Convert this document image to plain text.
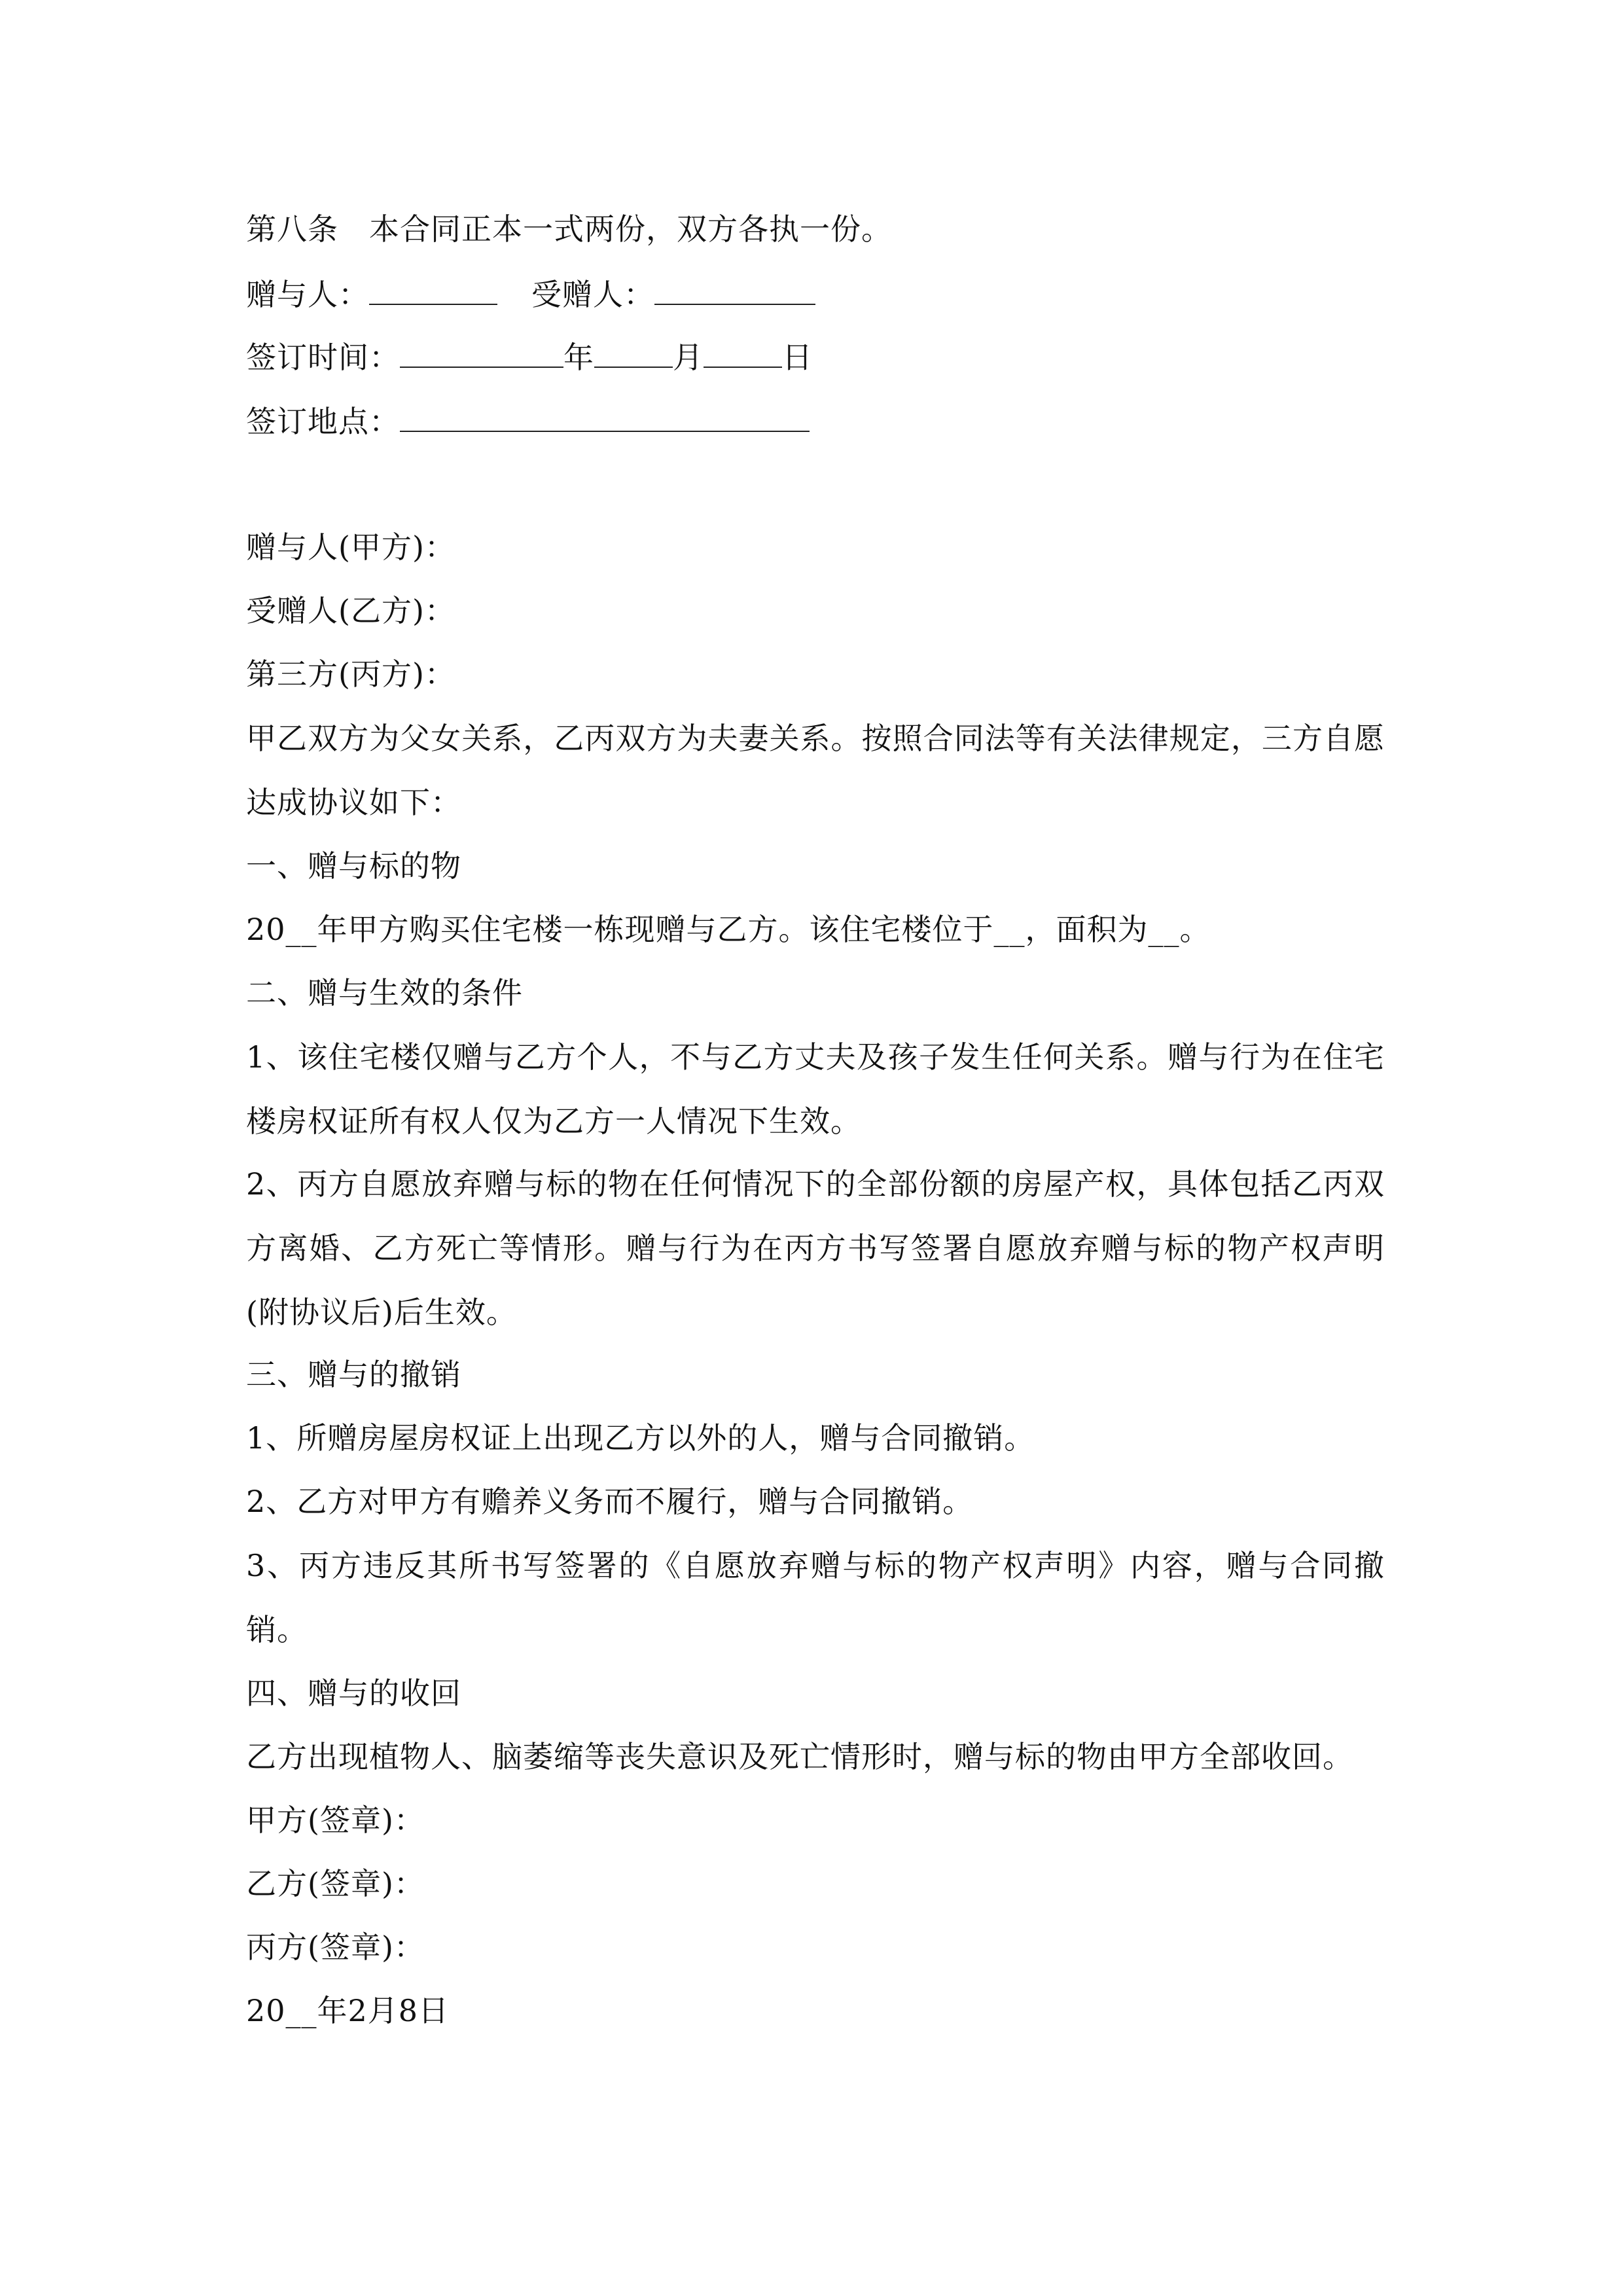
第八条　本合同正本一式两份，双方各执一份。
赠与人：	受赠人：
签订时间：	年	月	日
签订地点：
赠与人(甲方)：
受赠人(乙方)：
第三方(丙方)：
甲乙双方为父女关系，乙丙双方为夫妻关系。按照合同法等有关法律规定，三方自愿达成协议如下：
一、赠与标的物
20__年甲方购买住宅楼一栋现赠与乙方。该住宅楼位于__，面积为__。
二、赠与生效的条件
1、该住宅楼仅赠与乙方个人，不与乙方丈夫及孩子发生任何关系。赠与行为在住宅楼房权证所有权人仅为乙方一人情况下生效。
2、丙方自愿放弃赠与标的物在任何情况下的全部份额的房屋产权，具体包括乙丙双方离婚、乙方死亡等情形。赠与行为在丙方书写签署自愿放弃赠与标的物产权声明(附协议后)后生效。
三、赠与的撤销
1、所赠房屋房权证上出现乙方以外的人，赠与合同撤销。
2、乙方对甲方有赡养义务而不履行，赠与合同撤销。
3、丙方违反其所书写签署的《自愿放弃赠与标的物产权声明》内容，赠与合同撤销。
四、赠与的收回
乙方出现植物人、脑萎缩等丧失意识及死亡情形时，赠与标的物由甲方全部收回。
甲方(签章)：
乙方(签章)：
丙方(签章)：
20__年2月8日
